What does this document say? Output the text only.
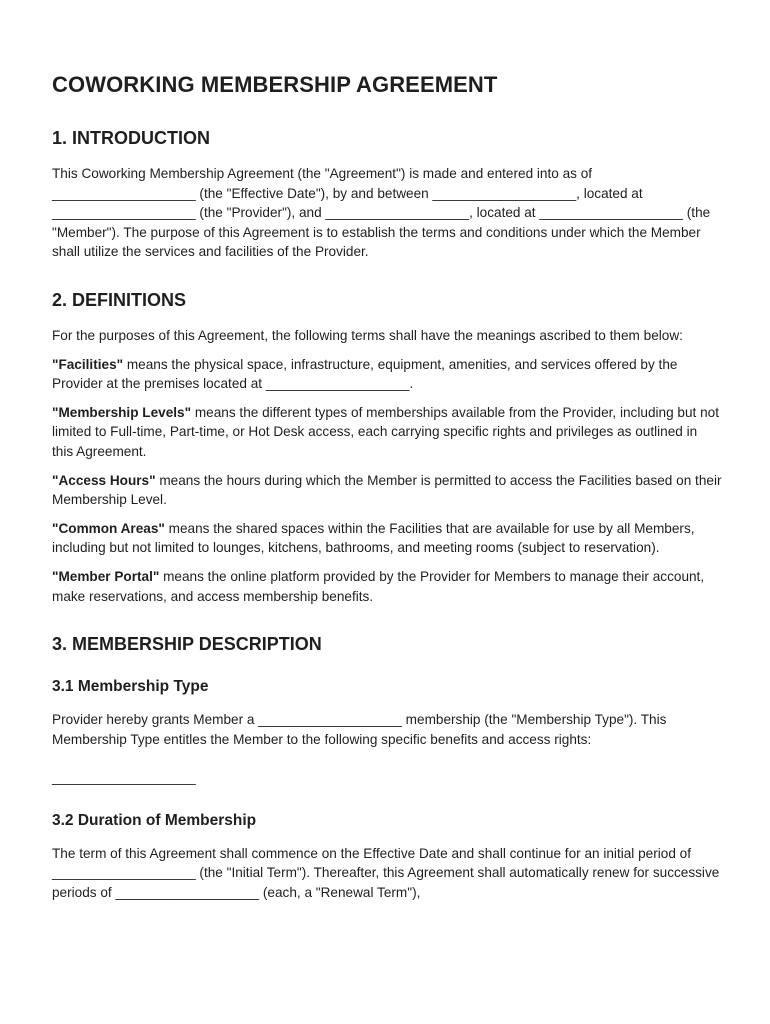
COWORKING MEMBERSHIP AGREEMENT
1. INTRODUCTION

This Coworking Membership Agreement (the "Agreement") is made and entered into as of ___________________ (the "Effective Date"), by and between ___________________, located at ___________________ (the "Provider"), and ___________________, located at ___________________ (the "Member"). The purpose of this Agreement is to establish the terms and conditions under which the Member shall utilize the services and facilities of the Provider.

2. DEFINITIONS

For the purposes of this Agreement, the following terms shall have the meanings ascribed to them below:

"Facilities" means the physical space, infrastructure, equipment, amenities, and services offered by the Provider at the premises located at ___________________.

"Membership Levels" means the different types of memberships available from the Provider, including but not limited to Full-time, Part-time, or Hot Desk access, each carrying specific rights and privileges as outlined in this Agreement.

"Access Hours" means the hours during which the Member is permitted to access the Facilities based on their Membership Level.

"Common Areas" means the shared spaces within the Facilities that are available for use by all Members, including but not limited to lounges, kitchens, bathrooms, and meeting rooms (subject to reservation).

"Member Portal" means the online platform provided by the Provider for Members to manage their account, make reservations, and access membership benefits.

3. MEMBERSHIP DESCRIPTION
3.1 Membership Type

Provider hereby grants Member a ___________________ membership (the "Membership Type"). This Membership Type entitles the Member to the following specific benefits and access rights:

___________________
3.2 Duration of Membership

The term of this Agreement shall commence on the Effective Date and shall continue for an initial period of ___________________ (the "Initial Term"). Thereafter, this Agreement shall automatically renew for successive periods of ___________________ (each, a "Renewal Term"),
